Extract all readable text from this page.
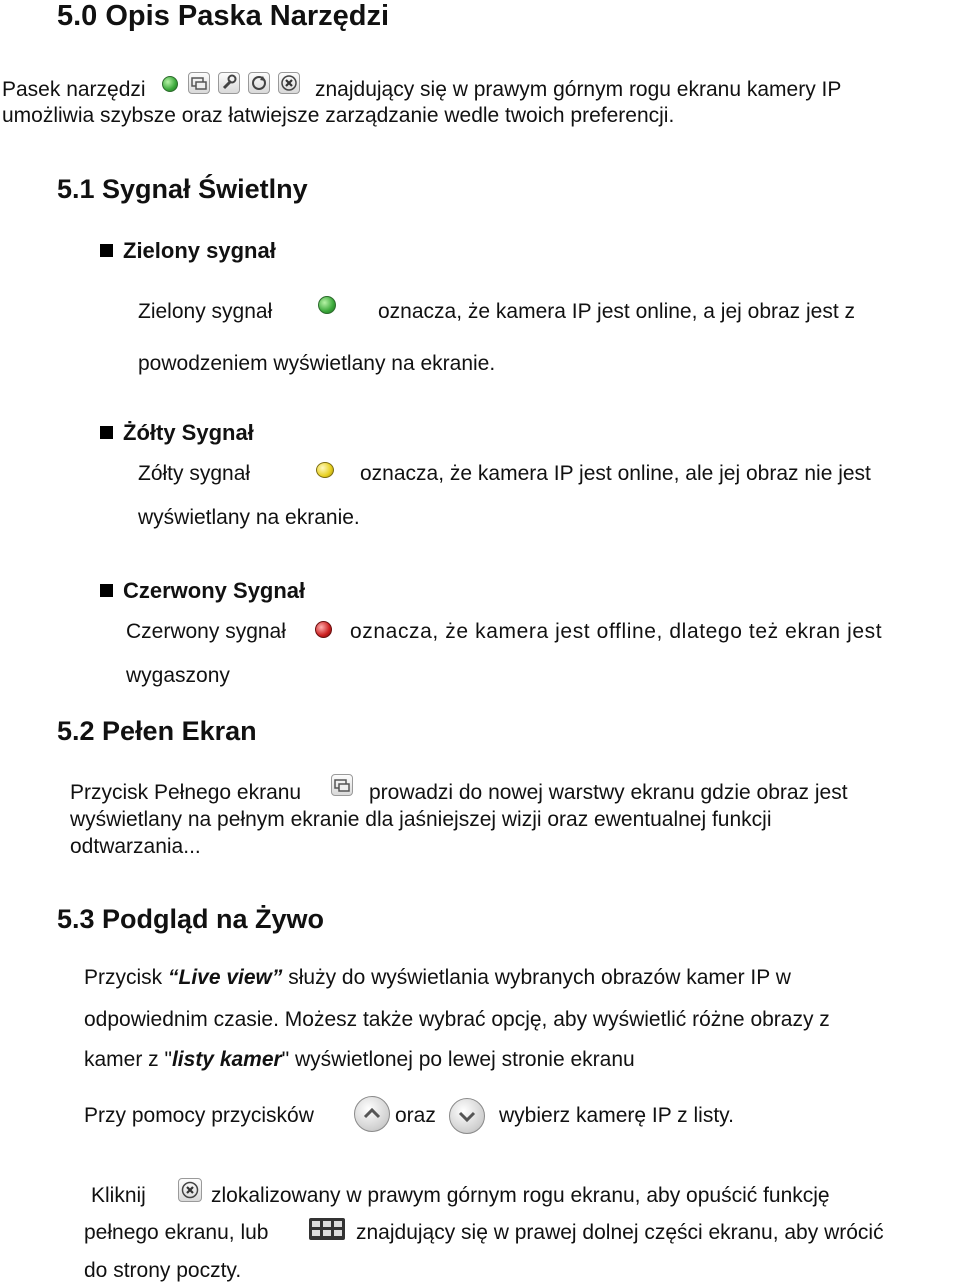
5.0 Opis Paska Narzędzi
Pasek narzędzi	znajdujący się w prawym górnym rogu ekranu kamery IP
umożliwia szybsze oraz łatwiejsze zarządzanie wedle twoich preferencji.
5.1 Sygnał Świetlny
Zielony sygnał
Zielony sygnał	oznacza, że kamera IP jest online, a jej obraz jest z
powodzeniem wyświetlany na ekranie.
Żółty Sygnał
Zółty sygnał	oznacza, że kamera IP jest online, ale jej obraz nie jest
wyświetlany na ekranie.
Czerwony Sygnał
Czerwony sygnał	oznacza, że kamera jest offline, dlatego też ekran jest
wygaszony
5.2 Pełen Ekran
Przycisk Pełnego ekranu	prowadzi do nowej warstwy ekranu gdzie obraz jest
wyświetlany na pełnym ekranie dla jaśniejszej wizji oraz ewentualnej funkcji
odtwarzania...
5.3 Podgląd na Żywo
Przycisk “Live view” służy do wyświetlania wybranych obrazów kamer IP w
odpowiednim czasie. Możesz także wybrać opcję, aby wyświetlić różne obrazy z
kamer z "listy kamer" wyświetlonej po lewej stronie ekranu
Przy pomocy przycisków	oraz	wybierz kamerę IP z listy.
Kliknij	zlokalizowany w prawym górnym rogu ekranu, aby opuścić funkcję
pełnego ekranu, lub	znajdujący się w prawej dolnej części ekranu, aby wrócić
do strony poczty.
